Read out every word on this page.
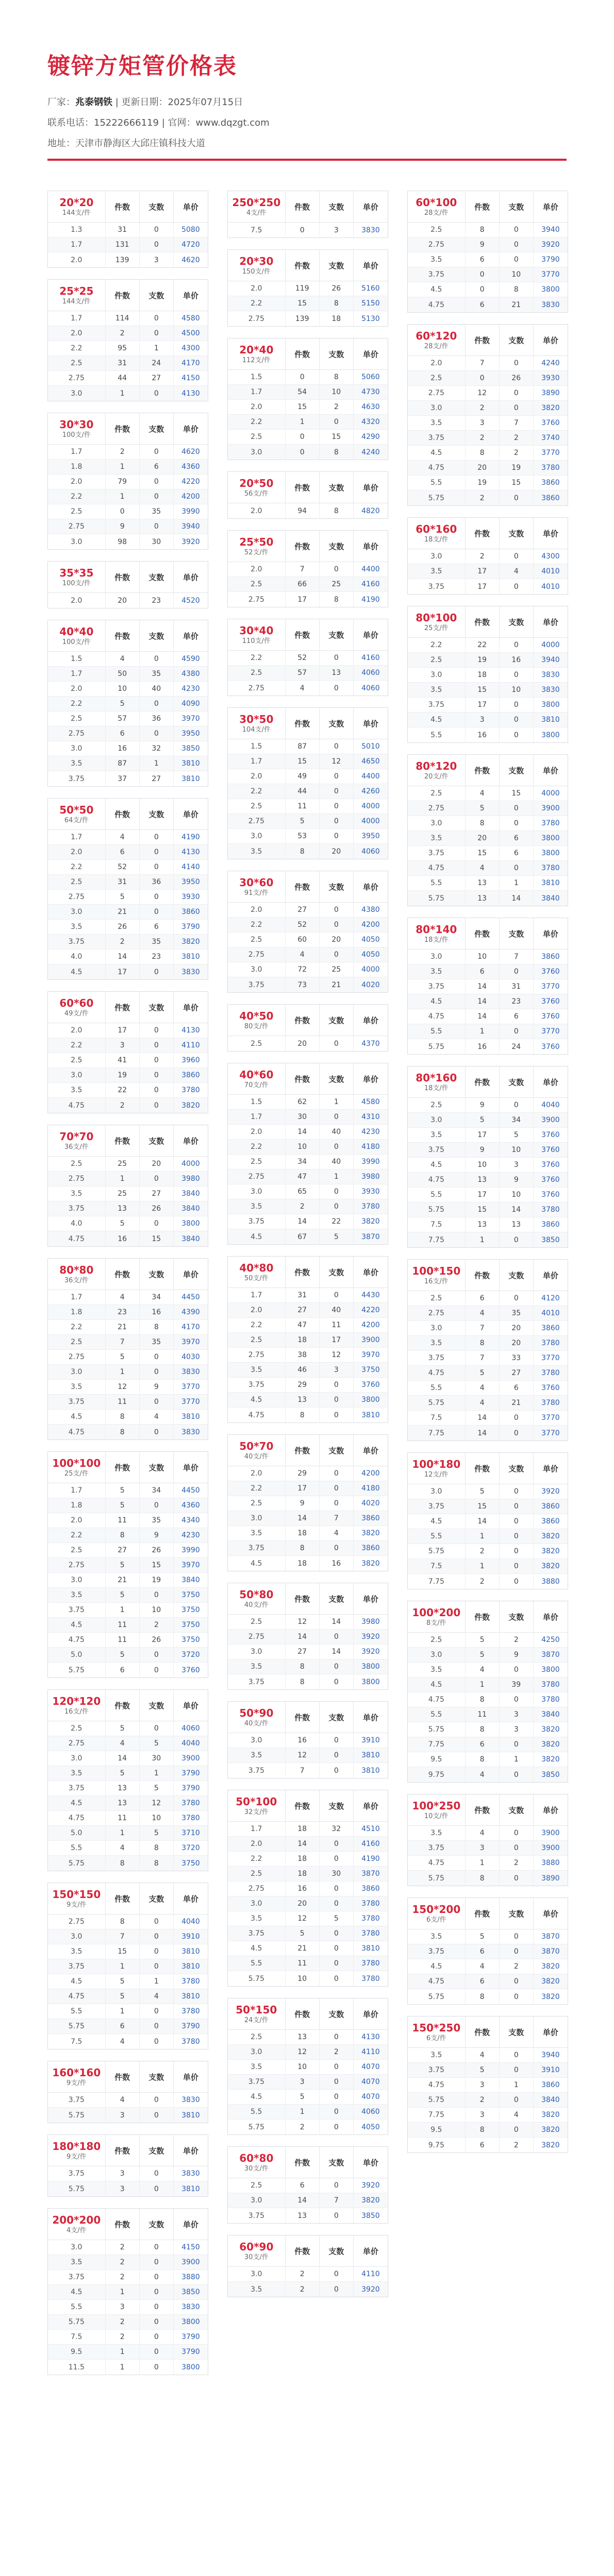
镀锌方矩管价格表
厂家：兆泰钢铁 | 更新日期：2025年07月15日
联系电话：15222666119 | 官网：www.dqzgt.com
地址：天津市静海区大邱庄镇科技大道
20*20
144支/件
件数	支数	单价
1.3	31	0	5080
1.7	131	0	4720
2.0	139	3	4620
25*25
144支/件
件数	支数	单价
1.7	114	0	4580
2.0	2	0	4500
2.2	95	1	4300
2.5	31	24	4170
2.75	44	27	4150
3.0	1	0	4130
30*30
100支/件
件数	支数	单价
1.7	2	0	4620
1.8	1	6	4360
2.0	79	0	4220
2.2	1	0	4200
2.5	0	35	3990
2.75	9	0	3940
3.0	98	30	3920
35*35
100支/件
件数	支数	单价
2.0	20	23	4520
40*40
100支/件
件数	支数	单价
1.5	4	0	4590
1.7	50	35	4380
2.0	10	40	4230
2.2	5	0	4090
2.5	57	36	3970
2.75	6	0	3950
3.0	16	32	3850
3.5	87	1	3810
3.75	37	27	3810
50*50
64支/件
件数	支数	单价
1.7	4	0	4190
2.0	6	0	4130
2.2	52	0	4140
2.5	31	36	3950
2.75	5	0	3930
3.0	21	0	3860
3.5	26	6	3790
3.75	2	35	3820
4.0	14	23	3810
4.5	17	0	3830
60*60
49支/件
件数	支数	单价
2.0	17	0	4130
2.2	3	0	4110
2.5	41	0	3960
3.0	19	0	3860
3.5	22	0	3780
4.75	2	0	3820
70*70
36支/件
件数	支数	单价
2.5	25	20	4000
2.75	1	0	3980
3.5	25	27	3840
3.75	13	26	3840
4.0	5	0	3800
4.75	16	15	3840
80*80
36支/件
件数	支数	单价
1.7	4	34	4450
1.8	23	16	4390
2.2	21	8	4170
2.5	7	35	3970
2.75	5	0	4030
3.0	1	0	3830
3.5	12	9	3770
3.75	11	0	3770
4.5	8	4	3810
4.75	8	0	3830
100*100
25支/件
件数	支数	单价
1.7	5	34	4450
1.8	5	0	4360
2.0	11	35	4340
2.2	8	9	4230
2.5	27	26	3990
2.75	5	15	3970
3.0	21	19	3840
3.5	5	0	3750
3.75	1	10	3750
4.5	11	2	3750
4.75	11	26	3750
5.0	5	0	3720
5.75	6	0	3760
120*120
16支/件
件数	支数	单价
2.5	5	0	4060
2.75	4	5	4040
3.0	14	30	3900
3.5	5	1	3790
3.75	13	5	3790
4.5	13	12	3780
4.75	11	10	3780
5.0	1	5	3710
5.5	4	8	3720
5.75	8	8	3750
150*150
9支/件
件数	支数	单价
2.75	8	0	4040
3.0	7	0	3910
3.5	15	0	3810
3.75	1	0	3810
4.5	5	1	3780
4.75	5	4	3810
5.5	1	0	3780
5.75	6	0	3790
7.5	4	0	3780
160*160
9支/件
件数	支数	单价
3.75	4	0	3830
5.75	3	0	3810
180*180
9支/件
件数	支数	单价
3.75	3	0	3830
5.75	3	0	3810
200*200
4支/件
件数	支数	单价
3.0	2	0	4150
3.5	2	0	3900
3.75	2	0	3880
4.5	1	0	3850
5.5	3	0	3830
5.75	2	0	3800
7.5	2	0	3790
9.5	1	0	3790
11.5	1	0	3800
250*250
4支/件
件数	支数	单价
7.5	0	3	3830
20*30
150支/件
件数	支数	单价
2.0	119	26	5160
2.2	15	8	5150
2.75	139	18	5130
20*40
112支/件
件数	支数	单价
1.5	0	8	5060
1.7	54	10	4730
2.0	15	2	4630
2.2	1	0	4320
2.5	0	15	4290
3.0	0	8	4240
20*50
56支/件
件数	支数	单价
2.0	94	8	4820
25*50
52支/件
件数	支数	单价
2.0	7	0	4400
2.5	66	25	4160
2.75	17	8	4190
30*40
110支/件
件数	支数	单价
2.2	52	0	4160
2.5	57	13	4060
2.75	4	0	4060
30*50
104支/件
件数	支数	单价
1.5	87	0	5010
1.7	15	12	4650
2.0	49	0	4400
2.2	44	0	4260
2.5	11	0	4000
2.75	5	0	4000
3.0	53	0	3950
3.5	8	20	4060
30*60
91支/件
件数	支数	单价
2.0	27	0	4380
2.2	52	0	4200
2.5	60	20	4050
2.75	4	0	4050
3.0	72	25	4000
3.75	73	21	4020
40*50
80支/件
件数	支数	单价
2.5	20	0	4370
40*60
70支/件
件数	支数	单价
1.5	62	1	4580
1.7	30	0	4310
2.0	14	40	4230
2.2	10	0	4180
2.5	34	40	3990
2.75	47	1	3980
3.0	65	0	3930
3.5	2	0	3780
3.75	14	22	3820
4.5	67	5	3870
40*80
50支/件
件数	支数	单价
1.7	31	0	4430
2.0	27	40	4220
2.2	47	11	4200
2.5	18	17	3900
2.75	38	12	3970
3.5	46	3	3750
3.75	29	0	3760
4.5	13	0	3800
4.75	8	0	3810
50*70
40支/件
件数	支数	单价
2.0	29	0	4200
2.2	17	0	4180
2.5	9	0	4020
3.0	14	7	3860
3.5	18	4	3820
3.75	8	0	3860
4.5	18	16	3820
50*80
40支/件
件数	支数	单价
2.5	12	14	3980
2.75	14	0	3920
3.0	27	14	3920
3.5	8	0	3800
3.75	8	0	3800
50*90
40支/件
件数	支数	单价
3.0	16	0	3910
3.5	12	0	3810
3.75	7	0	3810
50*100
32支/件
件数	支数	单价
1.7	18	32	4510
2.0	14	0	4160
2.2	18	0	4190
2.5	18	30	3870
2.75	16	0	3860
3.0	20	0	3780
3.5	12	5	3780
3.75	5	0	3780
4.5	21	0	3810
5.5	11	0	3780
5.75	10	0	3780
50*150
24支/件
件数	支数	单价
2.5	13	0	4130
3.0	12	2	4110
3.5	10	0	4070
3.75	3	0	4070
4.5	5	0	4070
5.5	1	0	4060
5.75	2	0	4050
60*80
30支/件
件数	支数	单价
2.5	6	0	3920
3.0	14	7	3820
3.75	13	0	3850
60*90
30支/件
件数	支数	单价
3.0	2	0	4110
3.5	2	0	3920
60*100
28支/件
件数	支数	单价
2.5	8	0	3940
2.75	9	0	3920
3.5	6	0	3790
3.75	0	10	3770
4.5	0	8	3800
4.75	6	21	3830
60*120
28支/件
件数	支数	单价
2.0	7	0	4240
2.5	0	26	3930
2.75	12	0	3890
3.0	2	0	3820
3.5	3	7	3760
3.75	2	2	3740
4.5	8	2	3770
4.75	20	19	3780
5.5	19	15	3860
5.75	2	0	3860
60*160
18支/件
件数	支数	单价
3.0	2	0	4300
3.5	17	4	4010
3.75	17	0	4010
80*100
25支/件
件数	支数	单价
2.2	22	0	4000
2.5	19	16	3940
3.0	18	0	3830
3.5	15	10	3830
3.75	17	0	3800
4.5	3	0	3810
5.5	16	0	3800
80*120
20支/件
件数	支数	单价
2.5	4	15	4000
2.75	5	0	3900
3.0	8	0	3780
3.5	20	6	3800
3.75	15	6	3800
4.75	4	0	3780
5.5	13	1	3810
5.75	13	14	3840
80*140
18支/件
件数	支数	单价
3.0	10	7	3860
3.5	6	0	3760
3.75	14	31	3770
4.5	14	23	3760
4.75	14	6	3760
5.5	1	0	3770
5.75	16	24	3760
80*160
18支/件
件数	支数	单价
2.5	9	0	4040
3.0	5	34	3900
3.5	17	5	3760
3.75	9	10	3760
4.5	10	3	3760
4.75	13	9	3760
5.5	17	10	3760
5.75	15	14	3780
7.5	13	13	3860
7.75	1	0	3850
100*150
16支/件
件数	支数	单价
2.5	6	0	4120
2.75	4	35	4010
3.0	7	20	3860
3.5	8	20	3780
3.75	7	33	3770
4.75	5	27	3780
5.5	4	6	3760
5.75	4	21	3780
7.5	14	0	3770
7.75	14	0	3770
100*180
12支/件
件数	支数	单价
3.0	5	0	3920
3.75	15	0	3860
4.5	14	0	3860
5.5	1	0	3820
5.75	2	0	3820
7.5	1	0	3820
7.75	2	0	3880
100*200
8支/件
件数	支数	单价
2.5	5	2	4250
3.0	5	9	3870
3.5	4	0	3800
4.5	1	39	3780
4.75	8	0	3780
5.5	11	3	3840
5.75	8	3	3820
7.75	6	0	3820
9.5	8	1	3820
9.75	4	0	3850
100*250
10支/件
件数	支数	单价
3.5	4	0	3900
3.75	3	0	3900
4.75	1	2	3880
5.75	8	0	3890
150*200
6支/件
件数	支数	单价
3.5	5	0	3870
3.75	6	0	3870
4.5	4	2	3820
4.75	6	0	3820
5.75	8	0	3820
150*250
6支/件
件数	支数	单价
3.5	4	0	3940
3.75	5	0	3910
4.75	3	1	3860
5.75	2	0	3840
7.75	3	4	3820
9.5	8	0	3820
9.75	6	2	3820
